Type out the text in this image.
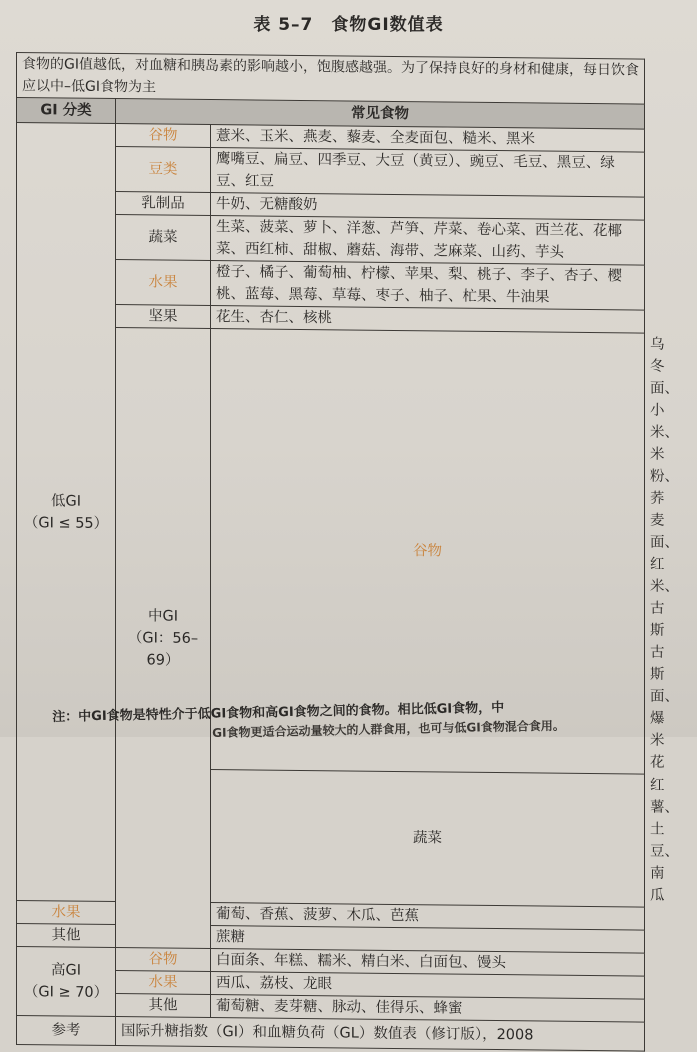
表 5–7　食物GI数值表
食物的GI值越低，对血糖和胰岛素的影响越小，饱腹感越强。为了保持良好的身材和健康，每日饮食应以中–低GI食物为主			
GI 分类	常见食物		

低GI
（GI ≤ 55）	谷物	薏米、玉米、燕麦、藜麦、全麦面包、糙米、黑米	
	豆类	鹰嘴豆、扁豆、四季豆、大豆（黄豆）、豌豆、毛豆、黑豆、绿豆、红豆	
	乳制品	牛奶、无糖酸奶	
	蔬菜	生菜、菠菜、萝卜、洋葱、芦笋、芹菜、卷心菜、西兰花、花椰菜、西红柿、甜椒、蘑菇、海带、芝麻菜、山药、芋头	
	水果	橙子、橘子、葡萄柚、柠檬、苹果、梨、桃子、李子、杏子、樱桃、蓝莓、黑莓、草莓、枣子、柚子、杧果、牛油果	
	坚果	花生、杏仁、核桃	

	中GI
（GI：56–69）	谷物	乌冬面、小米、米粉、荞麦面、红米、古斯古斯面、爆米花
		蔬菜	红薯、土豆、南瓜
水果		葡萄、香蕉、菠萝、木瓜、芭蕉	
其他		蔗糖	

高GI
（GI ≥ 70）	谷物	白面条、年糕、糯米、精白米、白面包、馒头	
	水果	西瓜、荔枝、龙眼	
	其他	葡萄糖、麦芽糖、脉动、佳得乐、蜂蜜	
参考	国际升糖指数（GI）和血糖负荷（GL）数值表（修订版），2008		
注：中GI食物是特性介于低GI食物和高GI食物之间的食物。相比低GI食物，中
GI食物更适合运动量较大的人群食用，也可与低GI食物混合食用。
